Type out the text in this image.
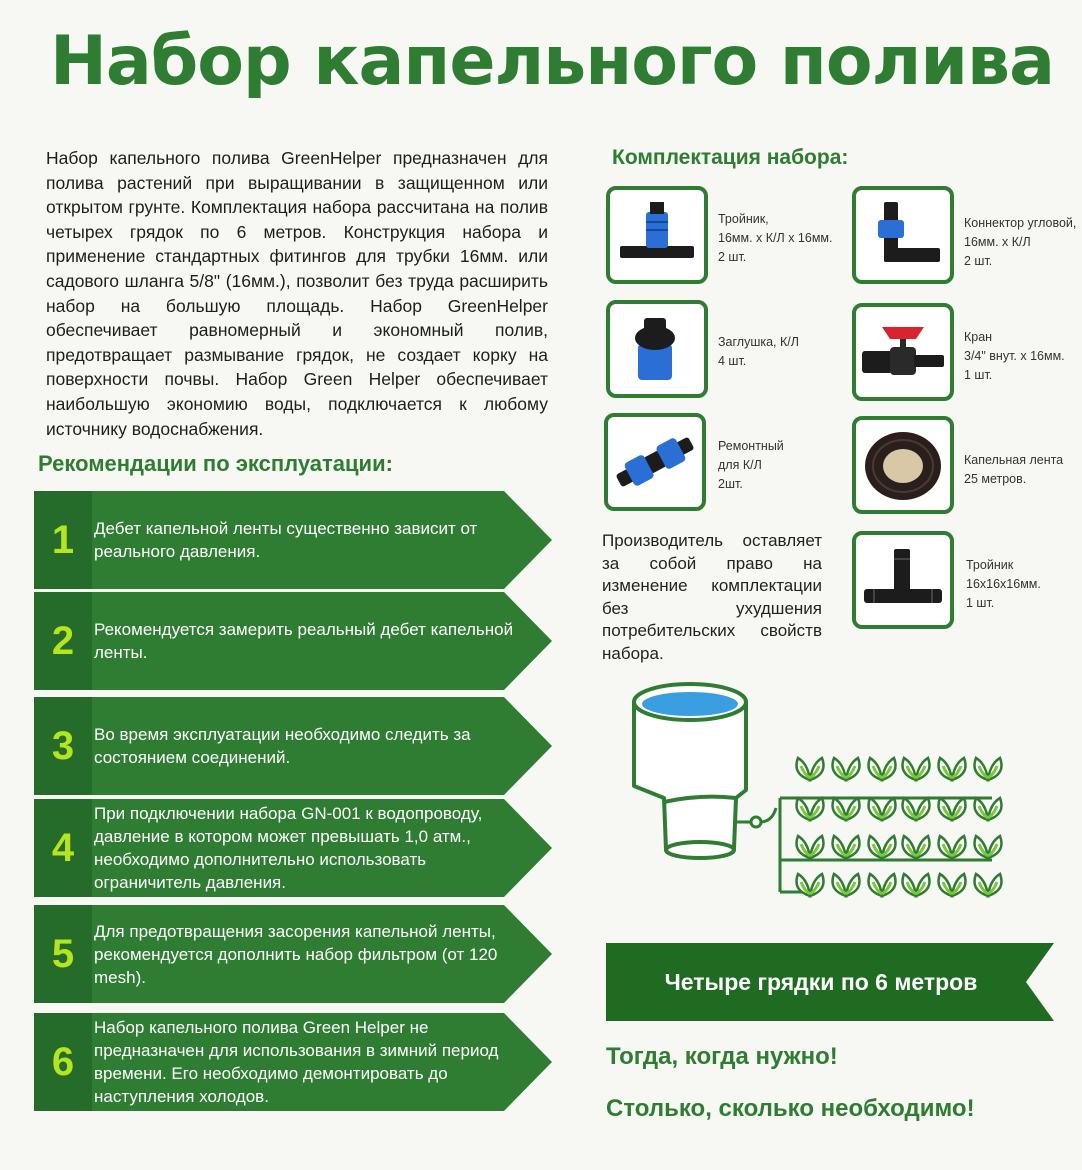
Набор капельного полива

Набор капельного полива GreenHelper предназначен для полива растений при выращивании в защищенном или открытом грунте. Комплектация набора рассчитана на полив четырех грядок по 6 метров. Конструкция набора и применение стандартных фитингов для трубки 16мм. или садового шланга 5/8" (16мм.), позволит без труда расширить набор на большую площадь. Набор GreenHelper обеспечивает равномерный и экономный полив, предотвращает размывание грядок, не создает корку на поверхности почвы. Набор Green Helper обеспечивает наибольшую экономию воды, подключается к любому источнику водоснабжения.

Рекомендации по эксплуатации:
1	Дебет капельной ленты существенно зависит от реального давления.
2	Рекомендуется замерить реальный дебет капельной ленты.
3	Во время эксплуатации необходимо следить за состоянием соединений.
4
При подключении набора GN-001 к водопроводу, давление в котором может превышать 1,0 атм., необходимо дополнительно использовать ограничитель давления.
5
Для предотвращения засорения капельной ленты, рекомендуется дополнить набор фильтром (от 120 mesh).
6
Набор капельного полива Green Helper не предназначен для использования в зимний период времени. Его необходимо демонтировать до наступления холодов.
Комплектация набора:
Тройник,
16мм. х К/Л х 16мм.
2 шт.
Коннектор угловой,
16мм. х К/Л
2 шт.
Заглушка, К/Л
4 шт.
Кран
3/4" внут. х 16мм.
1 шт.
Ремонтный
для К/Л
2шт.
Капельная лента
25 метров.
Тройник
16х16х16мм.
1 шт.

Производитель оставляет за собой право на изменение комплектации без ухудшения потребительских свойств набора.

Четыре грядки по 6 метров
Тогда, когда нужно!
Столько, сколько необходимо!
